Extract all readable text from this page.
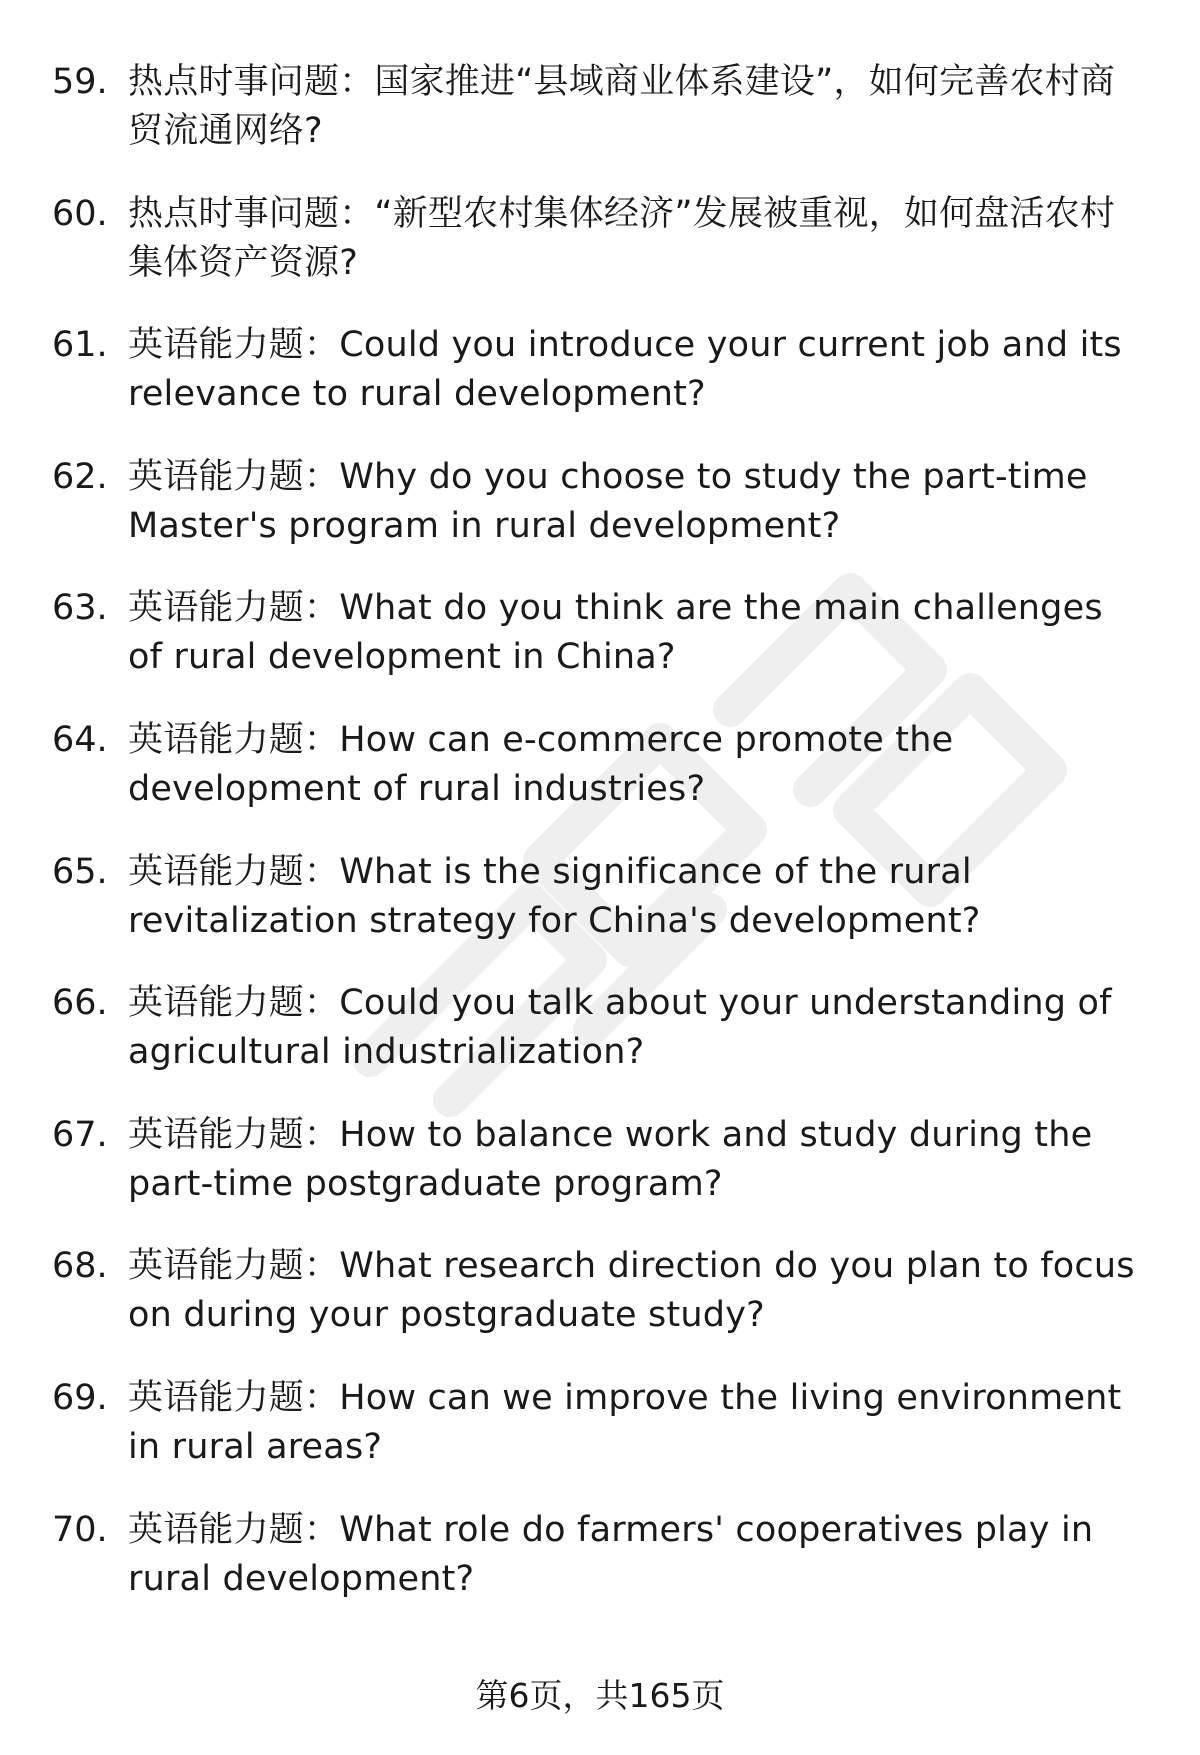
59. 热点时事问题：国家推进“县域商业体系建设”，如何完善农村商贸流通网络?
60. 热点时事问题：“新型农村集体经济”发展被重视，如何盘活农村集体资产资源?
61. 英语能力题：Could you introduce your current job and its relevance to rural development?
62. 英语能力题：Why do you choose to study the part-time Master's program in rural development?
63. 英语能力题：What do you think are the main challenges of rural development in China?
64. 英语能力题：How can e-commerce promote the development of rural industries?
65. 英语能力题：What is the significance of the rural revitalization strategy for China's development?
66. 英语能力题：Could you talk about your understanding of agricultural industrialization?
67. 英语能力题：How to balance work and study during the part-time postgraduate program?
68. 英语能力题：What research direction do you plan to focus on during your postgraduate study?
69. 英语能力题：How can we improve the living environment in rural areas?
70. 英语能力题：What role do farmers' cooperatives play in rural development?
第6页，共165页
